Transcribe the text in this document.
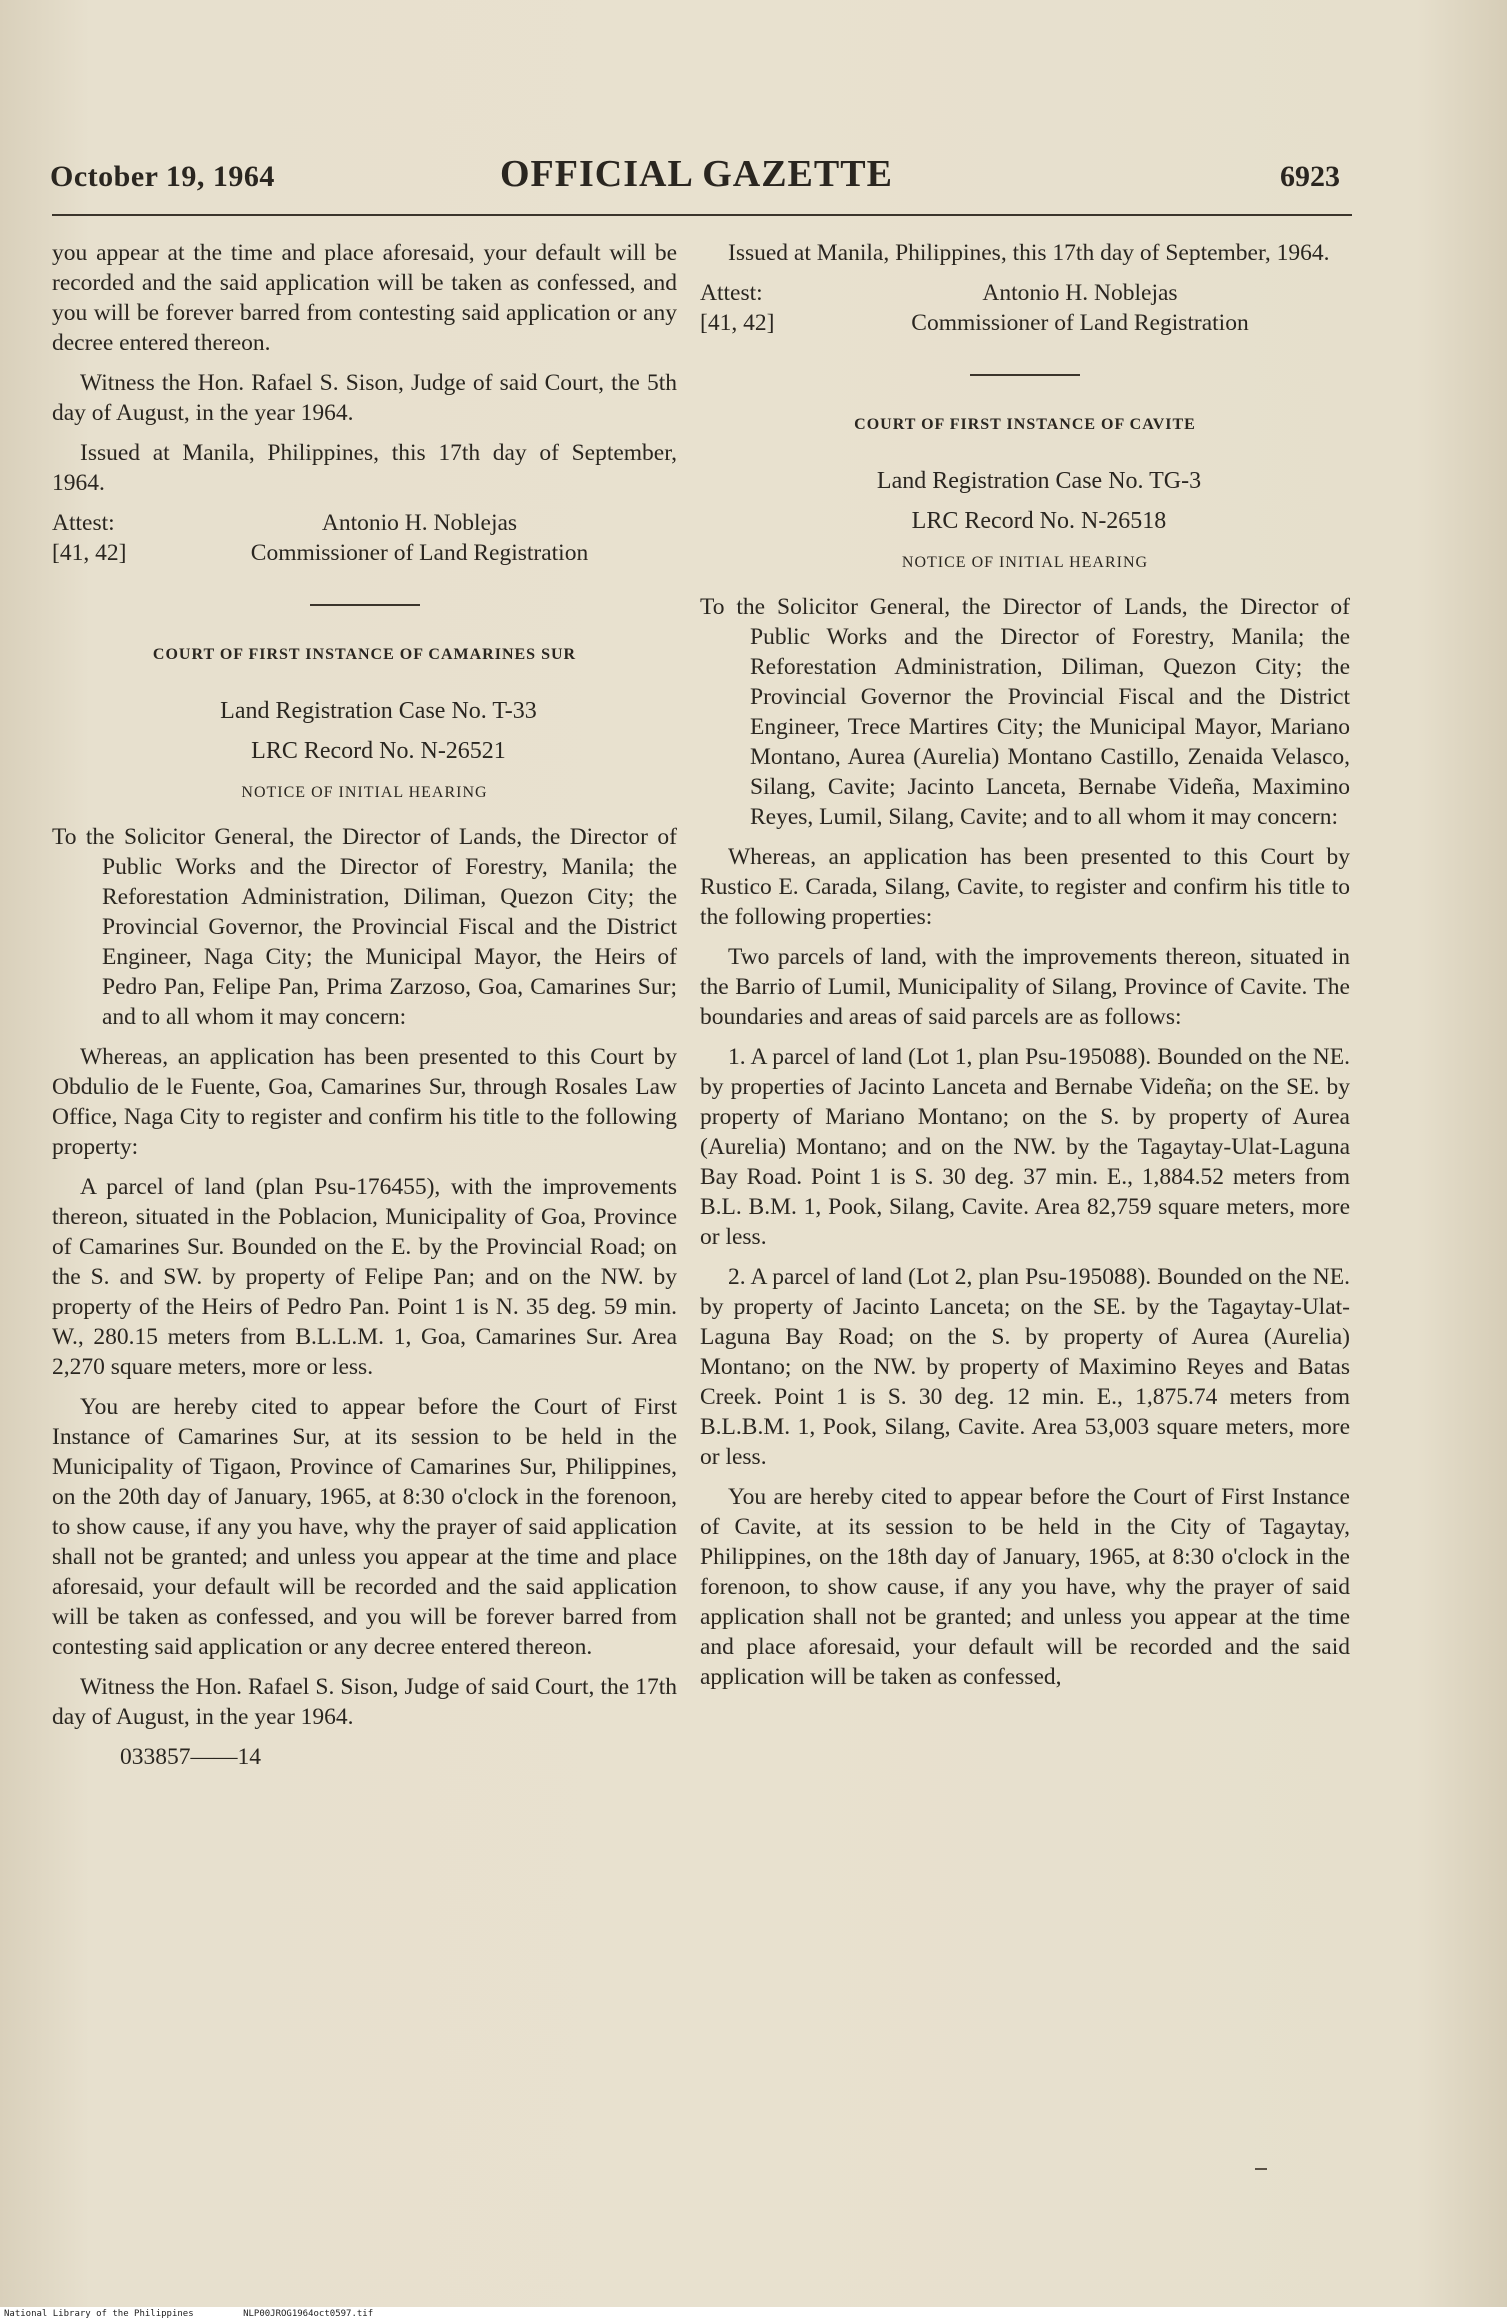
October 19, 1964	OFFICIAL GAZETTE	6923

you appear at the time and place aforesaid, your default will be recorded and the said application will be taken as confessed, and you will be forever barred from contesting said application or any decree entered thereon.

Witness the Hon. Rafael S. Sison, Judge of said Court, the 5th day of August, in the year 1964.

Issued at Manila, Philippines, this 17th day of September, 1964.

Attest:	Antonio H. Noblejas
[41, 42]	Commissioner of Land Registration
COURT OF FIRST INSTANCE OF CAMARINES SUR

Land Registration Case No. T-33

LRC Record No. N-26521

NOTICE OF INITIAL HEARING

To the Solicitor General, the Director of Lands, the Director of Public Works and the Director of Forestry, Manila; the Reforestation Administration, Diliman, Quezon City; the Provincial Governor, the Provincial Fiscal and the District Engineer, Naga City; the Municipal Mayor, the Heirs of Pedro Pan, Felipe Pan, Prima Zarzoso, Goa, Camarines Sur; and to all whom it may concern:

Whereas, an application has been presented to this Court by Obdulio de le Fuente, Goa, Camarines Sur, through Rosales Law Office, Naga City to register and confirm his title to the following property:

A parcel of land (plan Psu-176455), with the improvements thereon, situated in the Poblacion, Municipality of Goa, Province of Camarines Sur. Bounded on the E. by the Provincial Road; on the S. and SW. by property of Felipe Pan; and on the NW. by property of the Heirs of Pedro Pan. Point 1 is N. 35 deg. 59 min. W., 280.15 meters from B.L.L.M. 1, Goa, Camarines Sur. Area 2,270 square meters, more or less.

You are hereby cited to appear before the Court of First Instance of Camarines Sur, at its session to be held in the Municipality of Tigaon, Province of Camarines Sur, Philippines, on the 20th day of January, 1965, at 8:30 o'clock in the forenoon, to show cause, if any you have, why the prayer of said application shall not be granted; and unless you appear at the time and place aforesaid, your default will be recorded and the said application will be taken as confessed, and you will be forever barred from contesting said application or any decree entered thereon.

Witness the Hon. Rafael S. Sison, Judge of said Court, the 17th day of August, in the year 1964.

033857——14

Issued at Manila, Philippines, this 17th day of September, 1964.

Attest:	Antonio H. Noblejas
[41, 42]	Commissioner of Land Registration
COURT OF FIRST INSTANCE OF CAVITE

Land Registration Case No. TG-3

LRC Record No. N-26518

NOTICE OF INITIAL HEARING

To the Solicitor General, the Director of Lands, the Director of Public Works and the Director of Forestry, Manila; the Reforestation Administration, Diliman, Quezon City; the Provincial Governor the Provincial Fiscal and the District Engineer, Trece Martires City; the Municipal Mayor, Mariano Montano, Aurea (Aurelia) Montano Castillo, Zenaida Velasco, Silang, Cavite; Jacinto Lanceta, Bernabe Videña, Maximino Reyes, Lumil, Silang, Cavite; and to all whom it may concern:

Whereas, an application has been presented to this Court by Rustico E. Carada, Silang, Cavite, to register and confirm his title to the following properties:

Two parcels of land, with the improvements thereon, situated in the Barrio of Lumil, Municipality of Silang, Province of Cavite. The boundaries and areas of said parcels are as follows:

1. A parcel of land (Lot 1, plan Psu-195088). Bounded on the NE. by properties of Jacinto Lanceta and Bernabe Videña; on the SE. by property of Mariano Montano; on the S. by property of Aurea (Aurelia) Montano; and on the NW. by the Tagaytay-Ulat-Laguna Bay Road. Point 1 is S. 30 deg. 37 min. E., 1,884.52 meters from B.L. B.M. 1, Pook, Silang, Cavite. Area 82,759 square meters, more or less.

2. A parcel of land (Lot 2, plan Psu-195088). Bounded on the NE. by property of Jacinto Lanceta; on the SE. by the Tagaytay-Ulat-Laguna Bay Road; on the S. by property of Aurea (Aurelia) Montano; on the NW. by property of Maximino Reyes and Batas Creek. Point 1 is S. 30 deg. 12 min. E., 1,875.74 meters from B.L.B.M. 1, Pook, Silang, Cavite. Area 53,003 square meters, more or less.

You are hereby cited to appear before the Court of First Instance of Cavite, at its session to be held in the City of Tagaytay, Philippines, on the 18th day of January, 1965, at 8:30 o'clock in the forenoon, to show cause, if any you have, why the prayer of said application shall not be granted; and unless you appear at the time and place aforesaid, your default will be recorded and the said application will be taken as confessed,

National Library of the Philippines	NLP00JROG1964oct0597.tif
